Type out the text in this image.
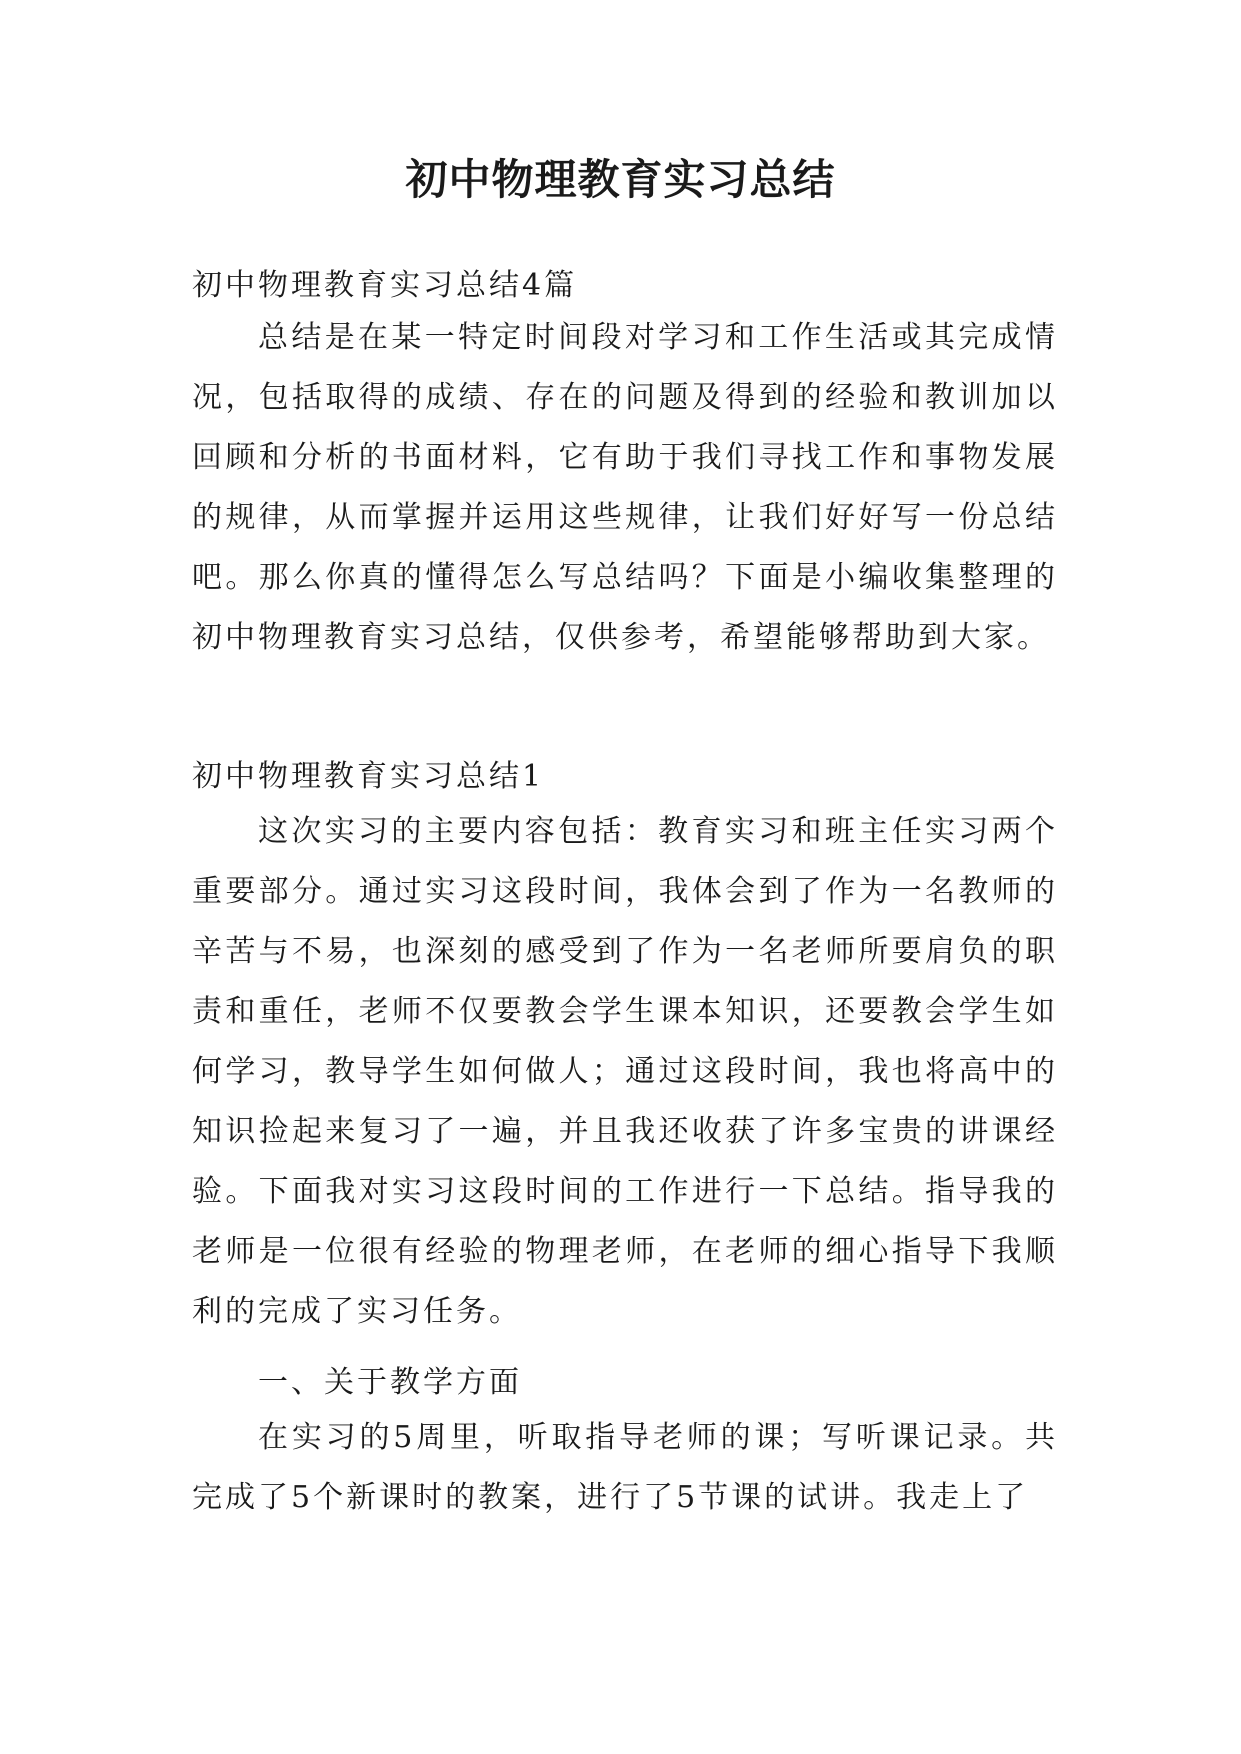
初中物理教育实习总结

初中物理教育实习总结4篇

总结是在某一特定时间段对学习和工作生活或其完成情况，包括取得的成绩、存在的问题及得到的经验和教训加以回顾和分析的书面材料，它有助于我们寻找工作和事物发展的规律，从而掌握并运用这些规律，让我们好好写一份总结吧。那么你真的懂得怎么写总结吗？下面是小编收集整理的初中物理教育实习总结，仅供参考，希望能够帮助到大家。

初中物理教育实习总结1

这次实习的主要内容包括：教育实习和班主任实习两个重要部分。通过实习这段时间，我体会到了作为一名教师的辛苦与不易，也深刻的感受到了作为一名老师所要肩负的职责和重任，老师不仅要教会学生课本知识，还要教会学生如何学习，教导学生如何做人；通过这段时间，我也将高中的知识捡起来复习了一遍，并且我还收获了许多宝贵的讲课经验。下面我对实习这段时间的工作进行一下总结。指导我的老师是一位很有经验的物理老师，在老师的细心指导下我顺利的完成了实习任务。

一、关于教学方面

在实习的5周里，听取指导老师的课；写听课记录。共完成了5个新课时的教案，进行了5节课的试讲。我走上了
